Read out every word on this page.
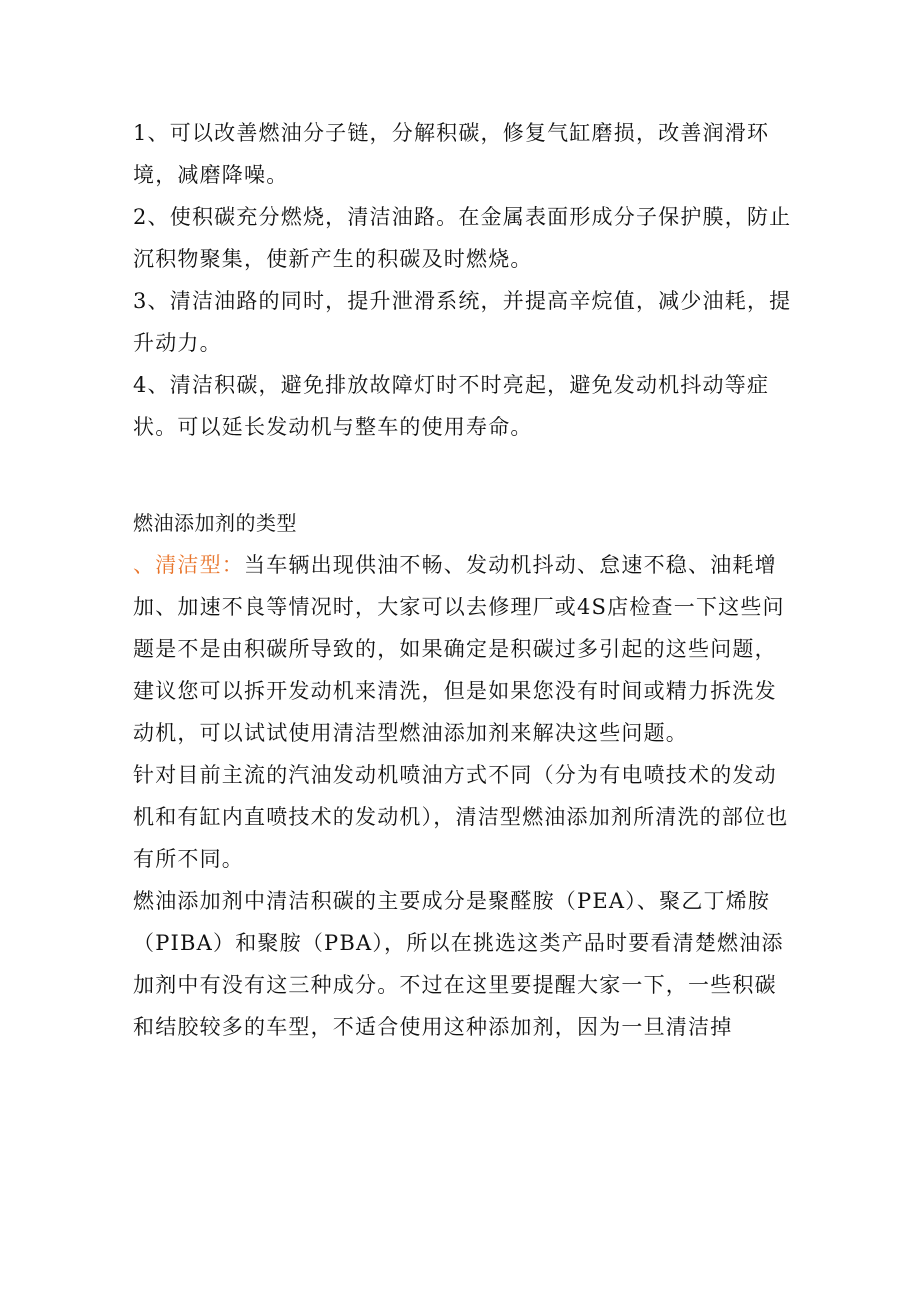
1、可以改善燃油分子链，分解积碳，修复气缸磨损，改善润滑环境，减磨降噪。

2、使积碳充分燃烧，清洁油路。在金属表面形成分子保护膜，防止沉积物聚集，使新产生的积碳及时燃烧。

3、清洁油路的同时，提升泄滑系统，并提高辛烷值，减少油耗，提升动力。

4、清洁积碳，避免排放故障灯时不时亮起，避免发动机抖动等症状。可以延长发动机与整车的使用寿命。

燃油添加剂的类型

、清洁型：当车辆出现供油不畅、发动机抖动、怠速不稳、油耗增加、加速不良等情况时，大家可以去修理厂或4S店检查一下这些问题是不是由积碳所导致的，如果确定是积碳过多引起的这些问题，建议您可以拆开发动机来清洗，但是如果您没有时间或精力拆洗发动机，可以试试使用清洁型燃油添加剂来解决这些问题。

针对目前主流的汽油发动机喷油方式不同（分为有电喷技术的发动机和有缸内直喷技术的发动机），清洁型燃油添加剂所清洗的部位也有所不同。

燃油添加剂中清洁积碳的主要成分是聚醛胺（PEA）、聚乙丁烯胺（PIBA）和聚胺（PBA），所以在挑选这类产品时要看清楚燃油添加剂中有没有这三种成分。不过在这里要提醒大家一下，一些积碳和结胶较多的车型，不适合使用这种添加剂，因为一旦清洁掉
